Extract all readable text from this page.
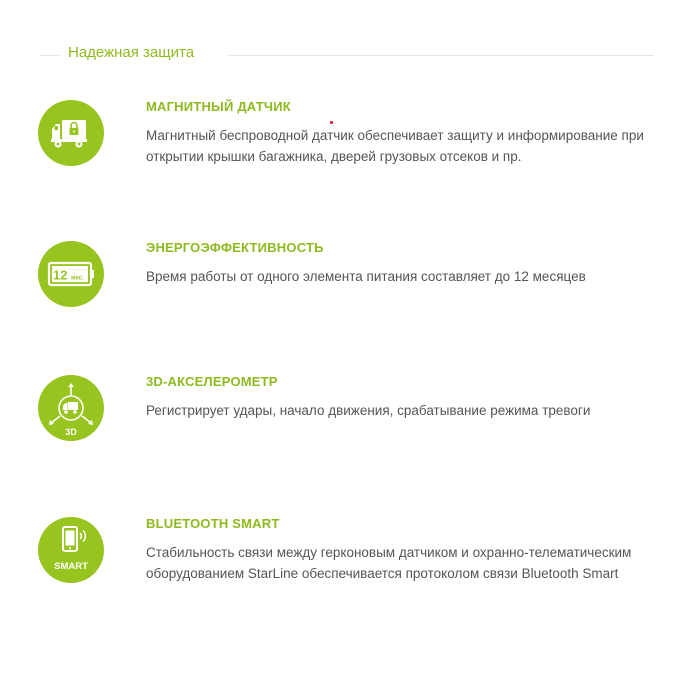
Надежная защита
МАГНИТНЫЙ ДАТЧИК
Магнитный беспроводной датчик обеспечивает защиту и информирование при открытии крышки багажника, дверей грузовых отсеков и пр.
12 мес.
ЭНЕРГОЭФФЕКТИВНОСТЬ
Время работы от одного элемента питания составляет до 12 месяцев
3D
3D-АКСЕЛЕРОМЕТР
Регистрирует удары, начало движения, срабатывание режима тревоги
SMART
BLUETOOTH SMART
Стабильность связи между герконовым датчиком и охранно-телематическим оборудованием StarLine обеспечивается протоколом связи Bluetooth Smart
